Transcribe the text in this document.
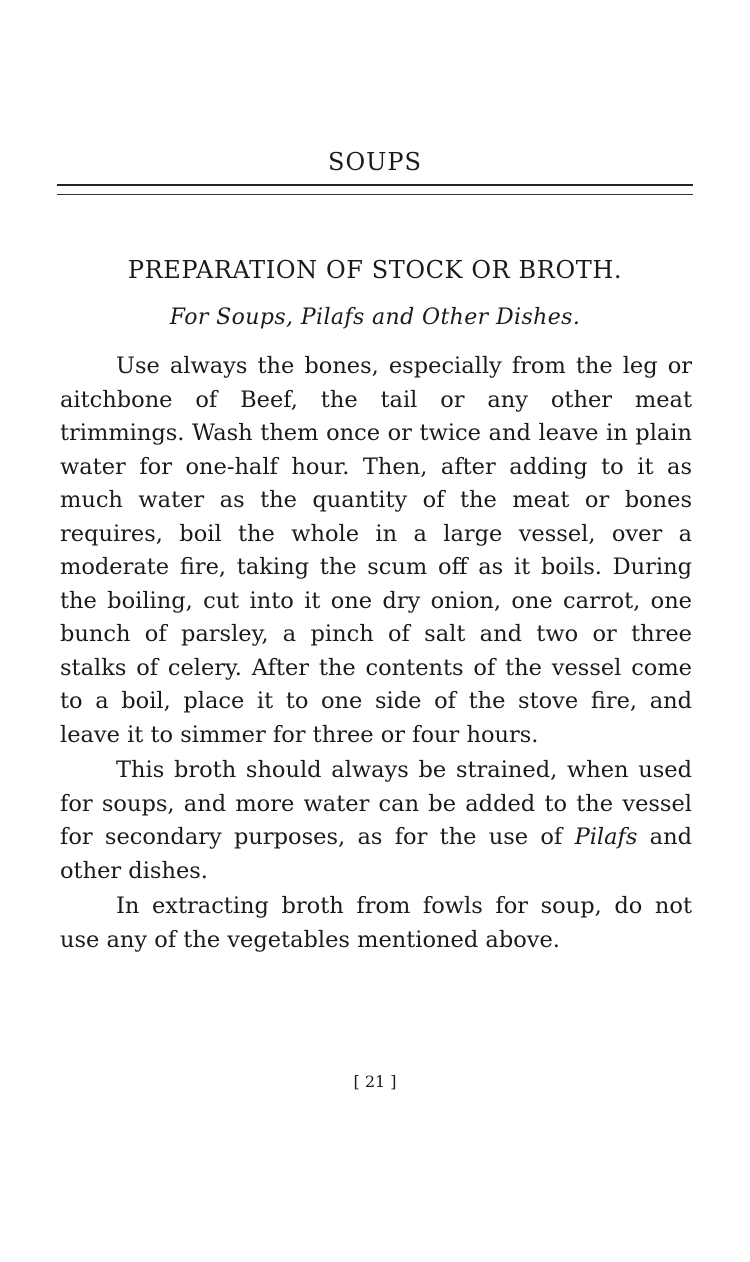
SOUPS
PREPARATION OF STOCK OR BROTH.
For Soups, Pilafs and Other Dishes.

Use always the bones, especially from the leg or aitchbone of Beef, the tail or any other meat trimmings. Wash them once or twice and leave in plain water for one-half hour. Then, after adding to it as much water as the quantity of the meat or bones requires, boil the whole in a large vessel, over a moderate fire, taking the scum off as it boils. During the boiling, cut into it one dry onion, one carrot, one bunch of parsley, a pinch of salt and two or three stalks of celery. After the contents of the vessel come to a boil, place it to one side of the stove fire, and leave it to simmer for three or four hours.

This broth should always be strained, when used for soups, and more water can be added to the vessel for secondary purposes, as for the use of Pilafs and other dishes.

In extracting broth from fowls for soup, do not use any of the vegetables mentioned above.

[ 21 ]
